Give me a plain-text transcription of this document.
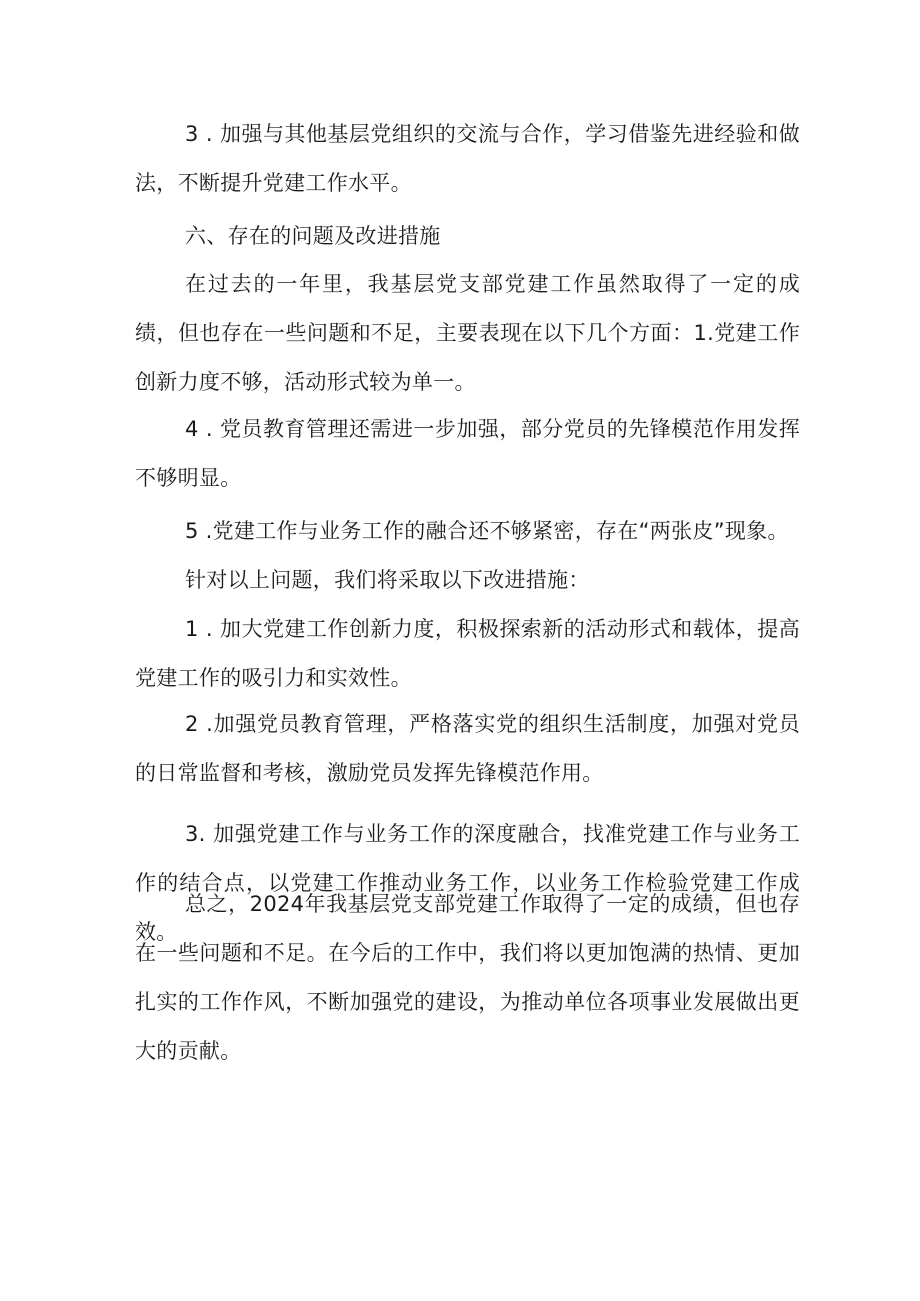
3 . 加强与其他基层党组织的交流与合作，学习借鉴先进经验和做法，不断提升党建工作水平。

六、存在的问题及改进措施

在过去的一年里，我基层党支部党建工作虽然取得了一定的成绩，但也存在一些问题和不足，主要表现在以下几个方面：1.党建工作创新力度不够，活动形式较为单一。

4 . 党员教育管理还需进一步加强，部分党员的先锋模范作用发挥不够明显。

5 .党建工作与业务工作的融合还不够紧密，存在“两张皮”现象。

针对以上问题，我们将采取以下改进措施：

1 . 加大党建工作创新力度，积极探索新的活动形式和载体，提高党建工作的吸引力和实效性。

2 .加强党员教育管理，严格落实党的组织生活制度，加强对党员的日常监督和考核，激励党员发挥先锋模范作用。

3. 加强党建工作与业务工作的深度融合，找准党建工作与业务工作的结合点，以党建工作推动业务工作，以业务工作检验党建工作成效。

总之，2024年我基层党支部党建工作取得了一定的成绩，但也存在一些问题和不足。在今后的工作中，我们将以更加饱满的热情、更加扎实的工作作风，不断加强党的建设，为推动单位各项事业发展做出更大的贡献。
